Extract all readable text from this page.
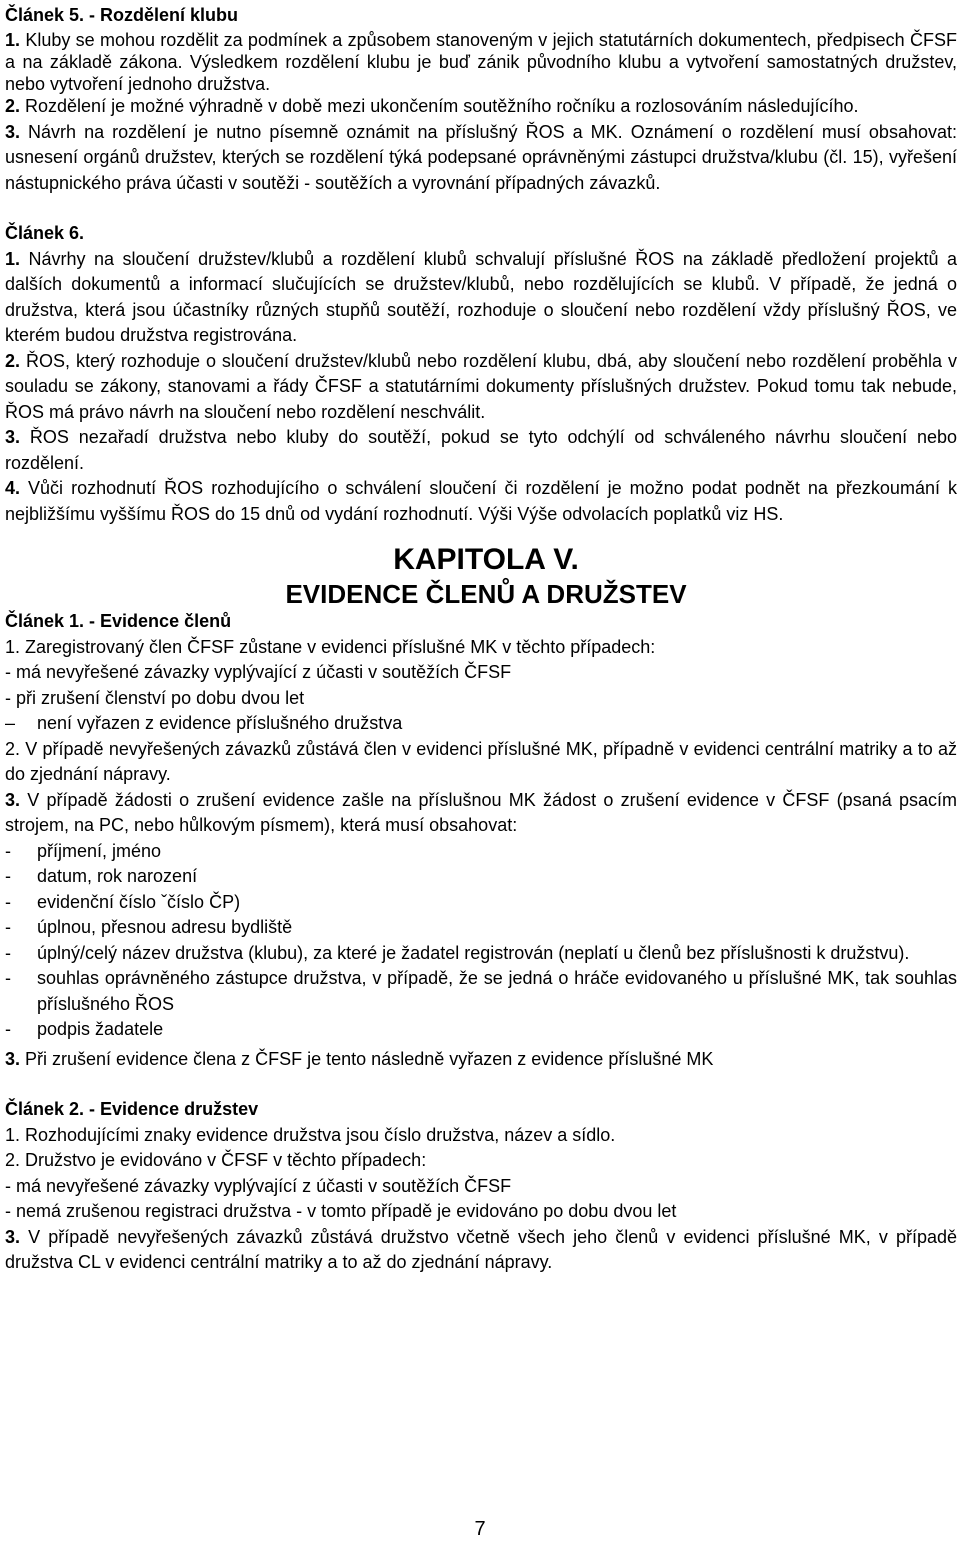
Článek 5. - Rozdělení klubu

1. Kluby se mohou rozdělit za podmínek a způsobem stanoveným v jejich statutárních dokumentech, předpisech ČFSF a na základě zákona. Výsledkem rozdělení klubu je buď zánik původního klubu a vytvoření samostatných družstev, nebo vytvoření jednoho družstva.

2. Rozdělení je možné výhradně v době mezi ukončením soutěžního ročníku a rozlosováním následujícího.

3. Návrh na rozdělení je nutno písemně oznámit na příslušný ŘOS a MK. Oznámení o rozdělení musí obsahovat: usnesení orgánů družstev, kterých se rozdělení týká podepsané oprávněnými zástupci družstva/klubu (čl. 15), vyřešení nástupnického práva účasti v soutěži - soutěžích a vyrovnání případných závazků.

Článek 6.

1. Návrhy na sloučení družstev/klubů a rozdělení klubů schvalují příslušné ŘOS na základě předložení projektů a dalších dokumentů a informací slučujících se družstev/klubů, nebo rozdělujících se klubů. V případě, že jedná o družstva, která jsou účastníky různých stupňů soutěží, rozhoduje o sloučení nebo rozdělení vždy příslušný ŘOS, ve kterém budou družstva registrována.

2. ŘOS, který rozhoduje o sloučení družstev/klubů nebo rozdělení klubu, dbá, aby sloučení nebo rozdělení proběhla v souladu se zákony, stanovami a řády ČFSF a statutárními dokumenty příslušných družstev. Pokud tomu tak nebude, ŘOS má právo návrh na sloučení nebo rozdělení neschválit.

3. ŘOS nezařadí družstva nebo kluby do soutěží, pokud se tyto odchýlí od schváleného návrhu sloučení nebo rozdělení.

4. Vůči rozhodnutí ŘOS rozhodujícího o schválení sloučení či rozdělení je možno podat podnět na přezkoumání k nejbližšímu vyššímu ŘOS do 15 dnů od vydání rozhodnutí. Výši Výše odvolacích poplatků viz HS.

KAPITOLA V.

EVIDENCE ČLENŮ A DRUŽSTEV

Článek 1. - Evidence členů

1. Zaregistrovaný člen ČFSF zůstane v evidenci příslušné MK v těchto případech:

- má nevyřešené závazky vyplývající z účasti v soutěžích ČFSF

- při zrušení členství po dobu dvou let

–	není vyřazen z evidence příslušného družstva

2. V případě nevyřešených závazků zůstává člen v evidenci příslušné MK, případně v evidenci centrální matriky a to až do zjednání nápravy.

3. V případě žádosti o zrušení evidence zašle na příslušnou MK žádost o zrušení evidence v ČFSF (psaná psacím strojem, na PC, nebo hůlkovým písmem), která musí obsahovat:

-	příjmení, jméno
-	datum, rok narození
-	evidenční číslo ˇčíslo ČP)
-	úplnou, přesnou adresu bydliště
-	úplný/celý název družstva (klubu), za které je žadatel registrován (neplatí u členů bez příslušnosti k družstvu).
-	souhlas oprávněného zástupce družstva, v případě, že se jedná o hráče evidovaného u příslušné MK, tak souhlas příslušného ŘOS
-	podpis žadatele

3. Při zrušení evidence člena z ČFSF je tento následně vyřazen z evidence příslušné MK

Článek 2. - Evidence družstev

1. Rozhodujícími znaky evidence družstva jsou číslo družstva, název a sídlo.

2. Družstvo je evidováno v ČFSF v těchto případech:

- má nevyřešené závazky vyplývající z účasti v soutěžích ČFSF

- nemá zrušenou registraci družstva - v tomto případě je evidováno po dobu dvou let

3. V případě nevyřešených závazků zůstává družstvo včetně všech jeho členů v evidenci příslušné MK, v případě družstva CL v evidenci centrální matriky a to až do zjednání nápravy.

7
